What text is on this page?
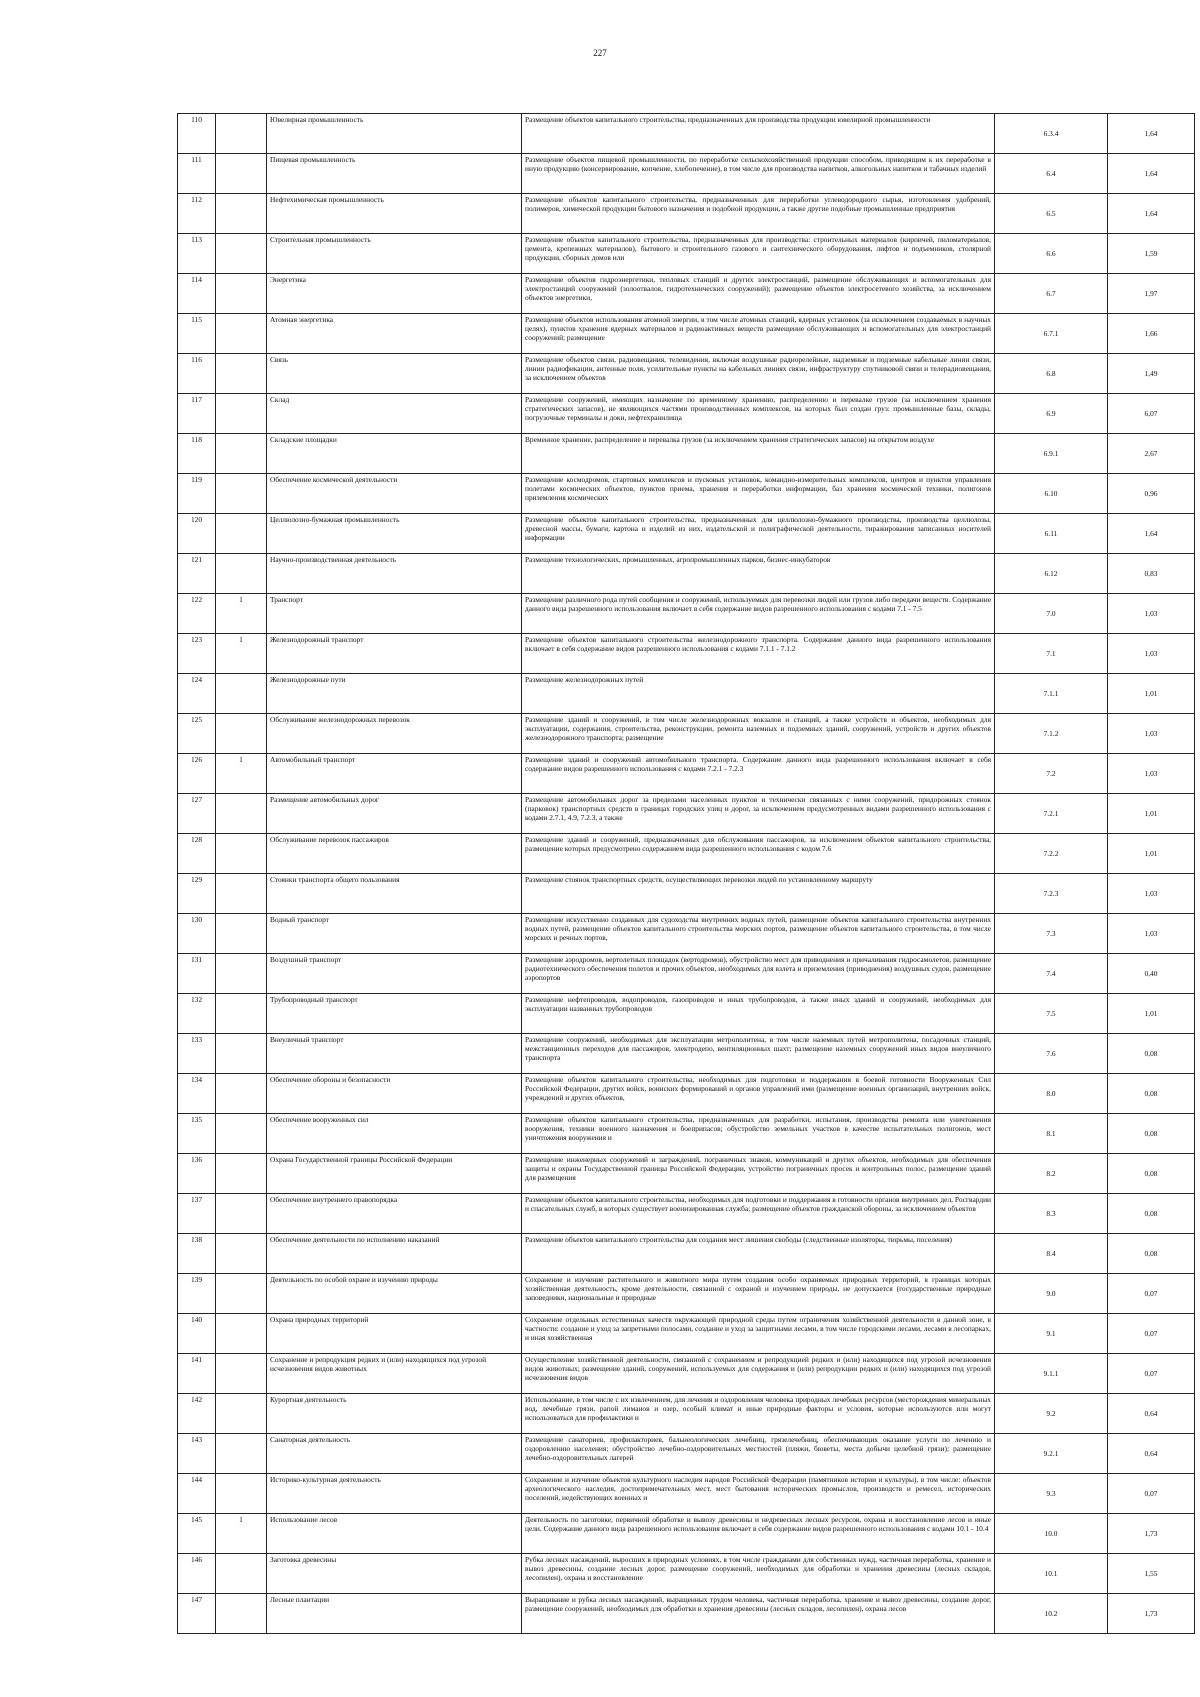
227
110		Ювелирная промышленность	Размещение объектов капитального строительства, предназначенных для производства продукции ювелирной промышленности	6.3.4	1,64
111		Пищевая промышленность	Размещение объектов пищевой промышленности, по переработке сельскохозяйственной продукции способом, приводящим к их переработке в иную продукцию (консервирование, копчение, хлебопечение), в том числе для производства напитков, алкогольных напитков и табачных изделий	6.4	1,64
112		Нефтехимическая промышленность	Размещение объектов капитального строительства, предназначенных для переработки углеводородного сырья, изготовления удобрений, полимеров, химической продукции бытового назначения и подобной продукции, а также другие подобные промышленные предприятия	6.5	1,64
113		Строительная промышленность	Размещение объектов капитального строительства, предназначенных для производства: строительных материалов (кирпичей, пиломатериалов, цемента, крепежных материалов), бытового и строительного газового и сантехнического оборудования, лифтов и подъемников, столярной продукции, сборных домов или	6.6	1,59
114		Энергетика	Размещение объектов гидроэнергетики, тепловых станций и других электростанций, размещение обслуживающих и вспомогательных для электростанций сооружений (золоотвалов, гидротехнических сооружений); размещение объектов электросетевого хозяйства, за исключением объектов энергетики,	6.7	1,97
115		Атомная энергетика	Размещение объектов использования атомной энергии, в том числе атомных станций, ядерных установок (за исключением создаваемых в научных целях), пунктов хранения ядерных материалов и радиоактивных веществ размещение обслуживающих и вспомогательных для электростанций сооружений; размещение	6.7.1	1,66
116		Связь	Размещение объектов связи, радиовещания, телевидения, включая воздушные радиорелейные, надземные и подземные кабельные линии связи, линии радиофикации, антенные поля, усилительные пункты на кабельных линиях связи, инфраструктуру спутниковой связи и телерадиовещания, за исключением объектов	6.8	1,49
117		Склад	Размещение сооружений, имеющих назначение по временному хранению, распределению и перевалке грузов (за исключением хранения стратегических запасов), не являющихся частями производственных комплексов, на которых был создан груз: промышленные базы, склады, погрузочные терминалы и доки, нефтехранилища	6.9	6,07
118		Складские площадки	Временное хранение, распределение и перевалка грузов (за исключением хранения стратегических запасов) на открытом воздухе	6.9.1	2,67
119		Обеспечение космической деятельности	Размещение космодромов, стартовых комплексов и пусковых установок, командно-измерительных комплексов, центров и пунктов управления полетами космических объектов, пунктов приема, хранения и переработки информации, баз хранения космической техники, полигонов приземления космических	6.10	0,96
120		Целлюлозно-бумажная промышленность	Размещение объектов капитального строительства, предназначенных для целлюлозно-бумажного производства, производства целлюлозы, древесной массы, бумаги, картона и изделий из них, издательской и полиграфической деятельности, тиражирования записанных носителей информации	6.11	1,64
121		Научно-производственная деятельность	Размещение технологических, промышленных, агропромышленных парков, бизнес-инкубаторов	6.12	0,83
122	1	Транспорт	Размещение различного рода путей сообщения и сооружений, используемых для перевозки людей или грузов либо передачи веществ. Содержание данного вида разрешенного использования включает в себя содержание видов разрешенного использования с кодами 7.1 - 7.5	7.0	1,03
123	1	Железнодорожный транспорт	Размещение объектов капитального строительства железнодорожного транспорта. Содержание данного вида разрешенного использования включает в себя содержание видов разрешенного использования с кодами 7.1.1 - 7.1.2	7.1	1,03
124		Железнодорожные пути	Размещение железнодорожных путей	7.1.1	1,01
125		Обслуживание железнодорожных перевозок	Размещение зданий и сооружений, в том числе железнодорожных вокзалов и станций, а также устройств и объектов, необходимых для эксплуатации, содержания, строительства, реконструкции, ремонта наземных и подземных зданий, сооружений, устройств и других объектов железнодорожного транспорта; размещение	7.1.2	1,03
126	1	Автомобильный транспорт	Размещение зданий и сооружений автомобильного транспорта. Содержание данного вида разрешенного использования включает в себя содержание видов разрешенного использования с кодами 7.2.1 - 7.2.3	7.2	1,03
127		Размещение автомобильных дорог	Размещение автомобильных дорог за пределами населенных пунктов и технически связанных с ними сооружений, придорожных стоянок (парковок) транспортных средств в границах городских улиц и дорог, за исключением предусмотренных видами разрешенного использования с кодами 2.7.1, 4.9, 7.2.3, а также	7.2.1	1,01
128		Обслуживание перевозок пассажиров	Размещение зданий и сооружений, предназначенных для обслуживания пассажиров, за исключением объектов капитального строительства, размещение которых предусмотрено содержанием вида разрешенного использования с кодом 7.6	7.2.2	1,01
129		Стоянки транспорта общего пользования	Размещение стоянок транспортных средств, осуществляющих перевозки людей по установленному маршруту	7.2.3	1,03
130		Водный транспорт	Размещение искусственно созданных для судоходства внутренних водных путей, размещение объектов капитального строительства внутренних водных путей, размещение объектов капитального строительства морских портов, размещение объектов капитального строительства, в том числе морских и речных портов,	7.3	1,03
131		Воздушный транспорт	Размещение аэродромов, вертолетных площадок (вертодромов), обустройство мест для приводнения и причаливания гидросамолетов, размещение радиотехнического обеспечения полетов и прочих объектов, необходимых для взлета и приземления (приводнения) воздушных судов, размещение аэропортов	7.4	0,40
132		Трубопроводный транспорт	Размещение нефтепроводов, водопроводов, газопроводов и иных трубопроводов, а также иных зданий и сооружений, необходимых для эксплуатации названных трубопроводов	7.5	1,01
133		Внеуличный транспорт	Размещение сооружений, необходимых для эксплуатации метрополитена, в том числе наземных путей метрополитена, посадочных станций, межстанционных переходов для пассажиров, электродепо, вентиляционных шахт; размещение наземных сооружений иных видов внеуличного транспорта	7.6	0,08
134		Обеспечение обороны и безопасности	Размещение объектов капитального строительства, необходимых для подготовки и поддержания в боевой готовности Вооруженных Сил Российской Федерации, других войск, воинских формирований и органов управлений ими (размещение военных организаций, внутренних войск, учреждений и других объектов,	8.0	0,08
135		Обеспечение вооруженных сил	Размещение объектов капитального строительства, предназначенных для разработки, испытания, производства ремонта или уничтожения вооружения, техники военного назначения и боеприпасов; обустройство земельных участков в качестве испытательных полигонов, мест уничтожения вооружения и	8.1	0,08
136		Охрана Государственной границы Российской Федерации	Размещение инженерных сооружений и заграждений, пограничных знаков, коммуникаций и других объектов, необходимых для обеспечения защиты и охраны Государственной границы Российской Федерации, устройство пограничных просек и контрольных полос, размещение зданий для размещения	8.2	0,08
137		Обеспечение внутреннего правопорядка	Размещение объектов капитального строительства, необходимых для подготовки и поддержания в готовности органов внутренних дел, Росгвардии и спасательных служб, в которых существует военизированная служба; размещение объектов гражданской обороны, за исключением объектов	8.3	0,08
138		Обеспечение деятельности по исполнению наказаний	Размещение объектов капитального строительства для создания мест лишения свободы (следственные изоляторы, тюрьмы, поселения)	8.4	0,08
139		Деятельность по особой охране и изучению природы	Сохранение и изучение растительного и животного мира путем создания особо охраняемых природных территорий, в границах которых хозяйственная деятельность, кроме деятельности, связанной с охраной и изучением природы, не допускается (государственные природные заповедники, национальные и природные	9.0	0,07
140		Охрана природных территорий	Сохранение отдельных естественных качеств окружающей природной среды путем ограничения хозяйственной деятельности в данной зоне, в частности: создание и уход за запретными полосами, создание и уход за защитными лесами, в том числе городскими лесами, лесами в лесопарках, и иная хозяйственная	9.1	0,07
141		Сохранение и репродукция редких и (или) находящихся под угрозой исчезновения видов животных	Осуществление хозяйственной деятельности, связанной с сохранением и репродукцией редких и (или) находящихся под угрозой исчезновения видов животных; размещение зданий, сооружений, используемых для содержания и (или) репродукции редких и (или) находящихся под угрозой исчезновения видов	9.1.1	0,07
142		Курортная деятельность	Использование, в том числе с их извлечением, для лечения и оздоровления человека природных лечебных ресурсов (месторождения минеральных вод, лечебные грязи, рапой лиманов и озер, особый климат и иные природные факторы и условия, которые используются или могут использоваться для профилактики и	9.2	0,64
143		Санаторная деятельность	Размещение санаториев, профилакториев, бальнеологических лечебниц, грязелечебниц, обеспечивающих оказание услуги по лечению и оздоровлению населения; обустройство лечебно-оздоровительных местностей (пляжи, бюветы, места добычи целебной грязи); размещение лечебно-оздоровительных лагерей	9.2.1	0,64
144		Историко-культурная деятельность	Сохранение и изучение объектов культурного наследия народов Российской Федерации (памятников истории и культуры), в том числе: объектов археологического наследия, достопримечательных мест, мест бытования исторических промыслов, производств и ремесел, исторических поселений, недействующих военных и	9.3	0,07
145	1	Использование лесов	Деятельность по заготовке, первичной обработке и вывозу древесины и недревесных лесных ресурсов, охрана и восстановление лесов и иные цели. Содержание данного вида разрешенного использования включает в себя содержание видов разрешенного использования с кодами 10.1 - 10.4	10.0	1,73
146		Заготовка древесины	Рубка лесных насаждений, выросших в природных условиях, в том числе гражданами для собственных нужд, частичная переработка, хранение и вывоз древесины, создание лесных дорог, размещение сооружений, необходимых для обработки и хранения древесины (лесных складов, лесопилен), охрана и восстановление	10.1	1,55
147		Лесные плантации	Выращивание и рубка лесных насаждений, выращенных трудом человека, частичная переработка, хранение и вывоз древесины, создание дорог, размещение сооружений, необходимых для обработки и хранения древесины (лесных складов, лесопилен), охрана лесов	10.2	1,73
